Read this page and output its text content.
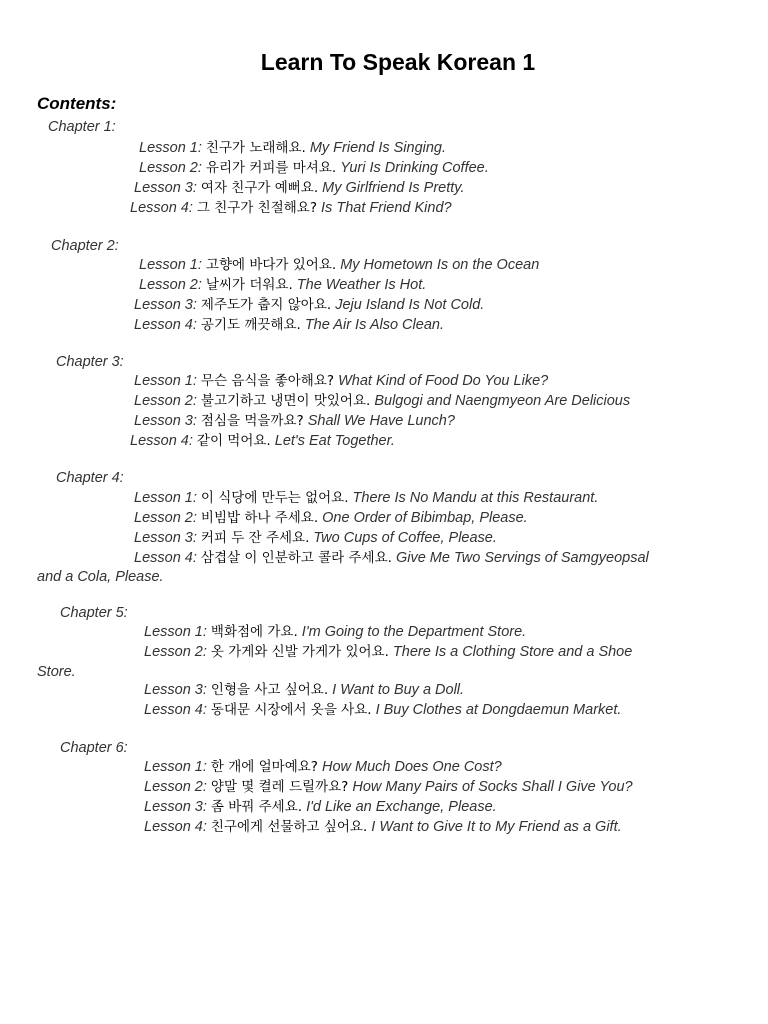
Learn To Speak Korean 1
Contents:
Chapter 1:
Lesson 1: 친구가 노래해요. My Friend Is Singing.
Lesson 2: 유리가 커피를 마셔요. Yuri Is Drinking Coffee.
Lesson 3: 여자 친구가 예뻐요. My Girlfriend Is Pretty.
Lesson 4: 그 친구가 친절해요? Is That Friend Kind?
Chapter 2:
Lesson 1: 고향에 바다가 있어요. My Hometown Is on the Ocean
Lesson 2: 날씨가 더워요. The Weather Is Hot.
Lesson 3: 제주도가 춥지 않아요. Jeju Island Is Not Cold.
Lesson 4: 공기도 깨끗해요. The Air Is Also Clean.
Chapter 3:
Lesson 1: 무슨 음식을 좋아해요? What Kind of Food Do You Like?
Lesson 2: 불고기하고 냉면이 맛있어요. Bulgogi and Naengmyeon Are Delicious
Lesson 3: 점심을 먹을까요? Shall We Have Lunch?
Lesson 4: 같이 먹어요. Let's Eat Together.
Chapter 4:
Lesson 1: 이 식당에 만두는 없어요. There Is No Mandu at this Restaurant.
Lesson 2: 비빔밥 하나 주세요. One Order of Bibimbap, Please.
Lesson 3: 커피 두 잔 주세요. Two Cups of Coffee, Please.
Lesson 4: 삼겹살 이 인분하고 콜라 주세요. Give Me Two Servings of Samgyeopsal
and a Cola, Please.
Chapter 5:
Lesson 1: 백화점에 가요. I'm Going to the Department Store.
Lesson 2: 옷 가게와 신발 가게가 있어요. There Is a Clothing Store and a Shoe
Store.
Lesson 3: 인형을 사고 싶어요. I Want to Buy a Doll.
Lesson 4: 동대문 시장에서 옷을 사요. I Buy Clothes at Dongdaemun Market.
Chapter 6:
Lesson 1: 한 개에 얼마예요? How Much Does One Cost?
Lesson 2: 양말 몇 켤레 드릴까요? How Many Pairs of Socks Shall I Give You?
Lesson 3: 좀 바꿔 주세요. I'd Like an Exchange, Please.
Lesson 4: 친구에게 선물하고 싶어요. I Want to Give It to My Friend as a Gift.
